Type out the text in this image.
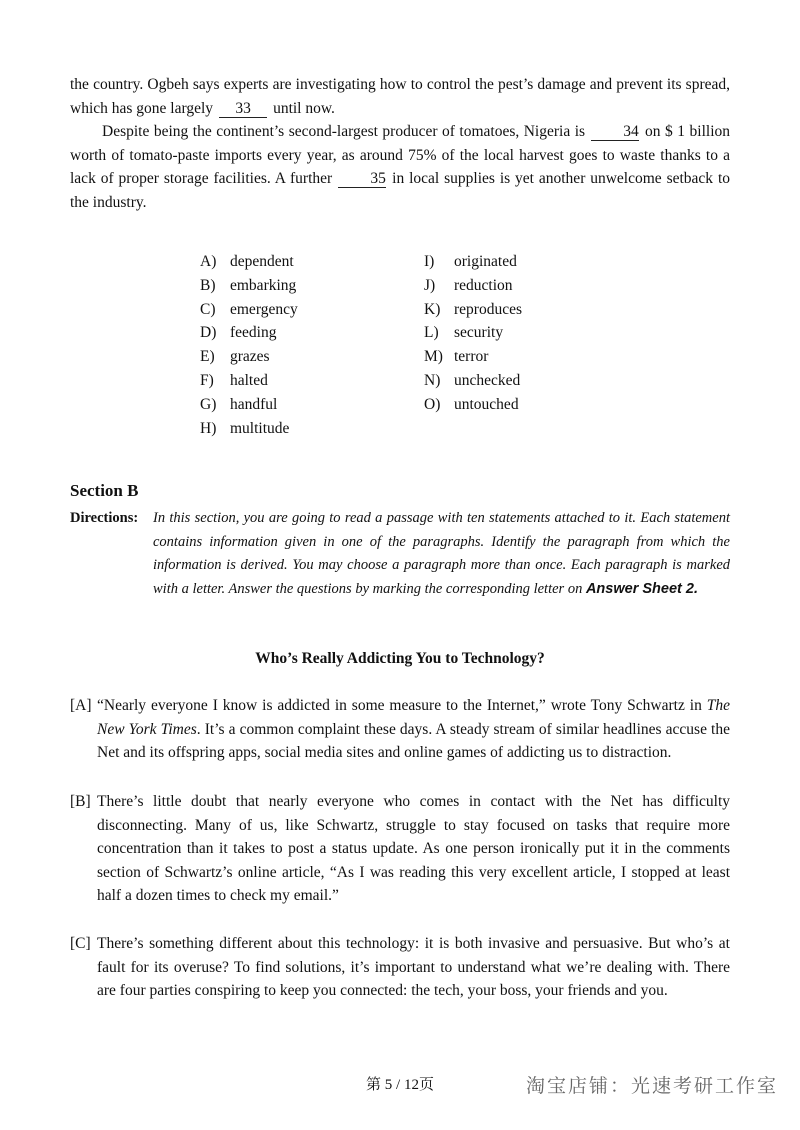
the country. Ogbeh says experts are investigating how to control the pest’s damage and prevent its spread, which has gone largely 33 until now.

Despite being the continent’s second-largest producer of tomatoes, Nigeria is 34 on $ 1 billion worth of tomato-paste imports every year, as around 75% of the local harvest goes to waste thanks to a lack of proper storage facilities. A further 35 in local supplies is yet another unwelcome setback to the industry.

A) dependent
B) embarking
C) emergency
D) feeding
E) grazes
F) halted
G) handful
H) multitude
I) originated
J) reduction
K) reproduces
L) security
M) terror
N) unchecked
O) untouched
Section B
Directions: In this section, you are going to read a passage with ten statements attached to it. Each statement contains information given in one of the paragraphs. Identify the paragraph from which the information is derived. You may choose a paragraph more than once. Each paragraph is marked with a letter. Answer the questions by marking the corresponding letter on Answer Sheet 2.
Who’s Really Addicting You to Technology?
[A] “Nearly everyone I know is addicted in some measure to the Internet,” wrote Tony Schwartz in The New York Times. It’s a common complaint these days. A steady stream of similar headlines accuse the Net and its offspring apps, social media sites and online games of addicting us to distraction.
[B] There’s little doubt that nearly everyone who comes in contact with the Net has difficulty disconnecting. Many of us, like Schwartz, struggle to stay focused on tasks that require more concentration than it takes to post a status update. As one person ironically put it in the comments section of Schwartz’s online article, “As I was reading this very excellent article, I stopped at least half a dozen times to check my email.”
[C] There’s something different about this technology: it is both invasive and persuasive. But who’s at fault for its overuse? To find solutions, it’s important to understand what we’re dealing with. There are four parties conspiring to keep you connected: the tech, your boss, your friends and you.
第 5 / 12页	淘宝店铺：光速考研工作室
